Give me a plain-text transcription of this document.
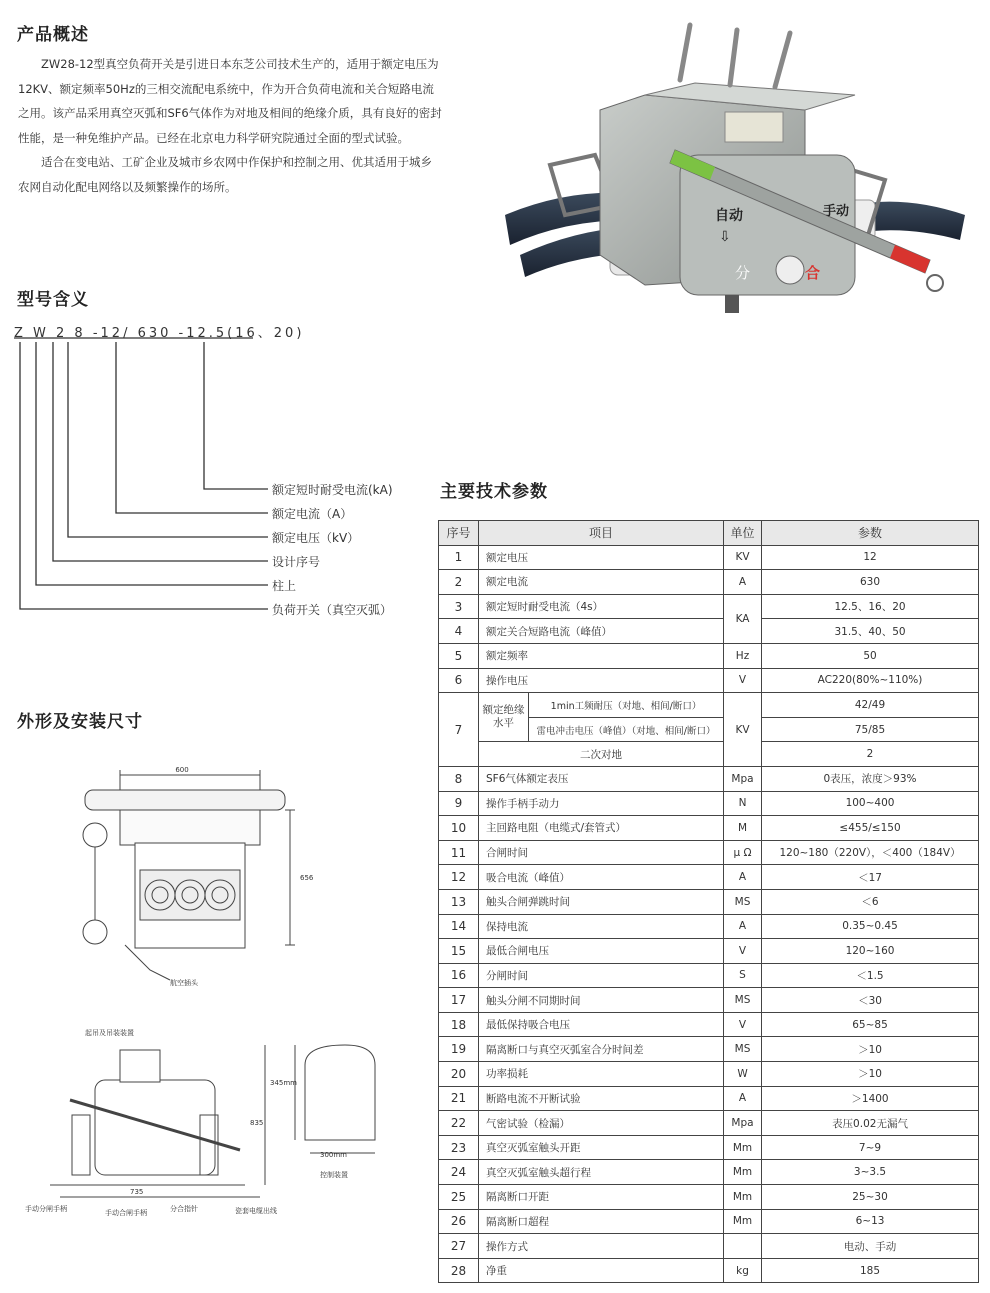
产品概述

ZW28-12型真空负荷开关是引进日本东芝公司技术生产的，适用于额定电压为12KV、额定频率50Hz的三相交流配电系统中，作为开合负荷电流和关合短路电流之用。该产品采用真空灭弧和SF6气体作为对地及相间的绝缘介质，具有良好的密封性能，是一种免维护产品。已经在北京电力科学研究院通过全面的型式试验。

适合在变电站、工矿企业及城市乡农网中作保护和控制之用、优其适用于城乡农网自动化配电网络以及频繁操作的场所。

自动
⇩
手动
分	合
型号含义
Z W 2 8 -12/ 630 -12.5(16、20)
额定短时耐受电流(kA)
额定电流（A）
额定电压（kV）
设计序号
柱上
负荷开关（真空灭弧）
外形及安装尺寸
600
656
航空插头
起吊及吊装装置
735
345mm
835
300mm
控制装置
手动分闸手柄	手动合闸手柄	分合指针	瓷套电缆出线
主要技术参数
序号	项目		单位	参数
1	额定电压		KV	12
2	额定电流		A	630
3	额定短时耐受电流（4s）		KA	12.5、16、20
4	额定关合短路电流（峰值）			31.5、40、50
5	额定频率		Hz	50
6	操作电压		V	AC220(80%~110%)
7	额定绝缘水平	1min工频耐压（对地、相间/断口）	KV	42/49
		雷电冲击电压（峰值）（对地、相间/断口）		75/85
	二次对地			2
8	SF6气体额定表压		Mpa	0表压，浓度＞93%
9	操作手柄手动力		N	100~400
10	主回路电阻（电缆式/套管式）		M	≤455/≤150
11	合闸时间		μ Ω	120~180（220V），＜400（184V）
12	吸合电流（峰值）		A	＜17
13	触头合闸弹跳时间		MS	＜6
14	保持电流		A	0.35~0.45
15	最低合闸电压		V	120~160
16	分闸时间		S	＜1.5
17	触头分闸不同期时间		MS	＜30
18	最低保持吸合电压		V	65~85
19	隔离断口与真空灭弧室合分时间差		MS	＞10
20	功率损耗		W	＞10
21	断路电流不开断试验		A	＞1400
22	气密试验（检漏）		Mpa	表压0.02无漏气
23	真空灭弧室触头开距		Mm	7~9
24	真空灭弧室触头超行程		Mm	3~3.5
25	隔离断口开距		Mm	25~30
26	隔离断口超程		Mm	6~13
27	操作方式			电动、手动
28	净重		kg	185
